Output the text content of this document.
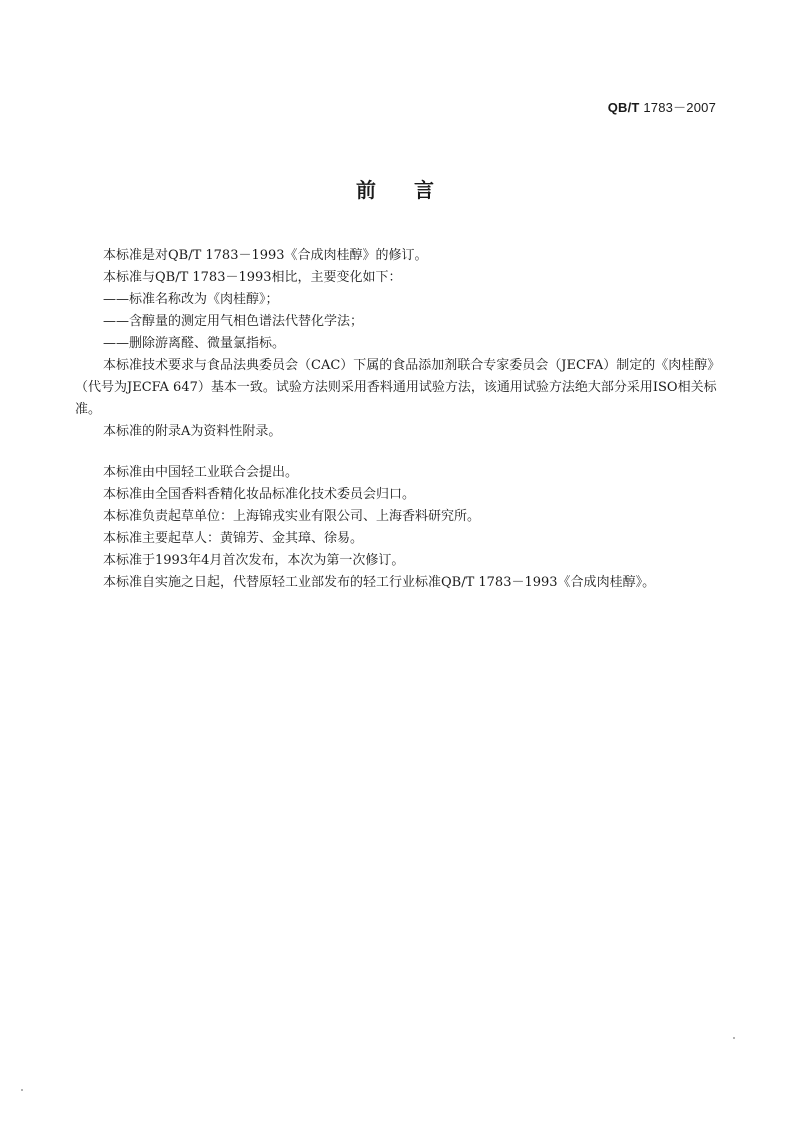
QB/T 1783－2007
前言

本标准是对QB/T 1783－1993《合成肉桂醇》的修订。

本标准与QB/T 1783－1993相比，主要变化如下：

——标准名称改为《肉桂醇》；

——含醇量的测定用气相色谱法代替化学法；

——删除游离醛、微量氯指标。

本标准技术要求与食品法典委员会（CAC）下属的食品添加剂联合专家委员会（JECFA）制定的《肉桂醇》（代号为JECFA 647）基本一致。试验方法则采用香料通用试验方法，该通用试验方法绝大部分采用ISO相关标准。

本标准的附录A为资料性附录。

本标准由中国轻工业联合会提出。

本标准由全国香料香精化妆品标准化技术委员会归口。

本标准负责起草单位：上海锦戎实业有限公司、上海香料研究所。

本标准主要起草人：黄锦芳、金其璋、徐易。

本标准于1993年4月首次发布，本次为第一次修订。

本标准自实施之日起，代替原轻工业部发布的轻工行业标准QB/T 1783－1993《合成肉桂醇》。
